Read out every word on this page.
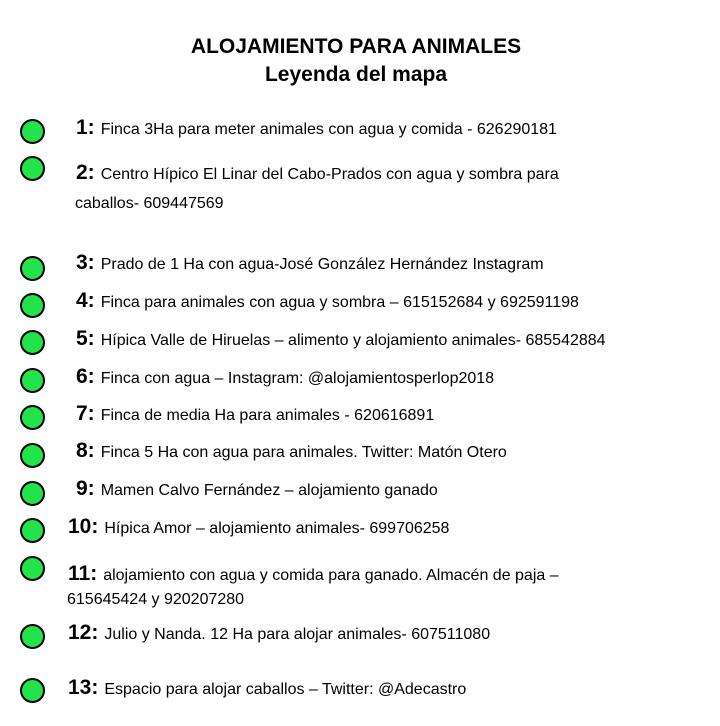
ALOJAMIENTO PARA ANIMALES
Leyenda del mapa
1: Finca 3Ha para meter animales con agua y comida - 626290181
2: Centro Hípico El Linar del Cabo-Prados con agua y sombra para
caballos- 609447569
3: Prado de 1 Ha con agua-José González Hernández Instagram
4: Finca para animales con agua y sombra – 615152684 y 692591198
5: Hípica Valle de Hiruelas – alimento y alojamiento animales- 685542884
6: Finca con agua – Instagram: @alojamientosperlop2018
7: Finca de media Ha para animales - 620616891
8: Finca 5 Ha con agua para animales. Twitter: Matón Otero
9: Mamen Calvo Fernández – alojamiento ganado
10: Hípica Amor – alojamiento animales- 699706258
11: alojamiento con agua y comida para ganado. Almacén de paja –
615645424 y 920207280
12: Julio y Nanda. 12 Ha para alojar animales- 607511080
13: Espacio para alojar caballos – Twitter: @Adecastro
